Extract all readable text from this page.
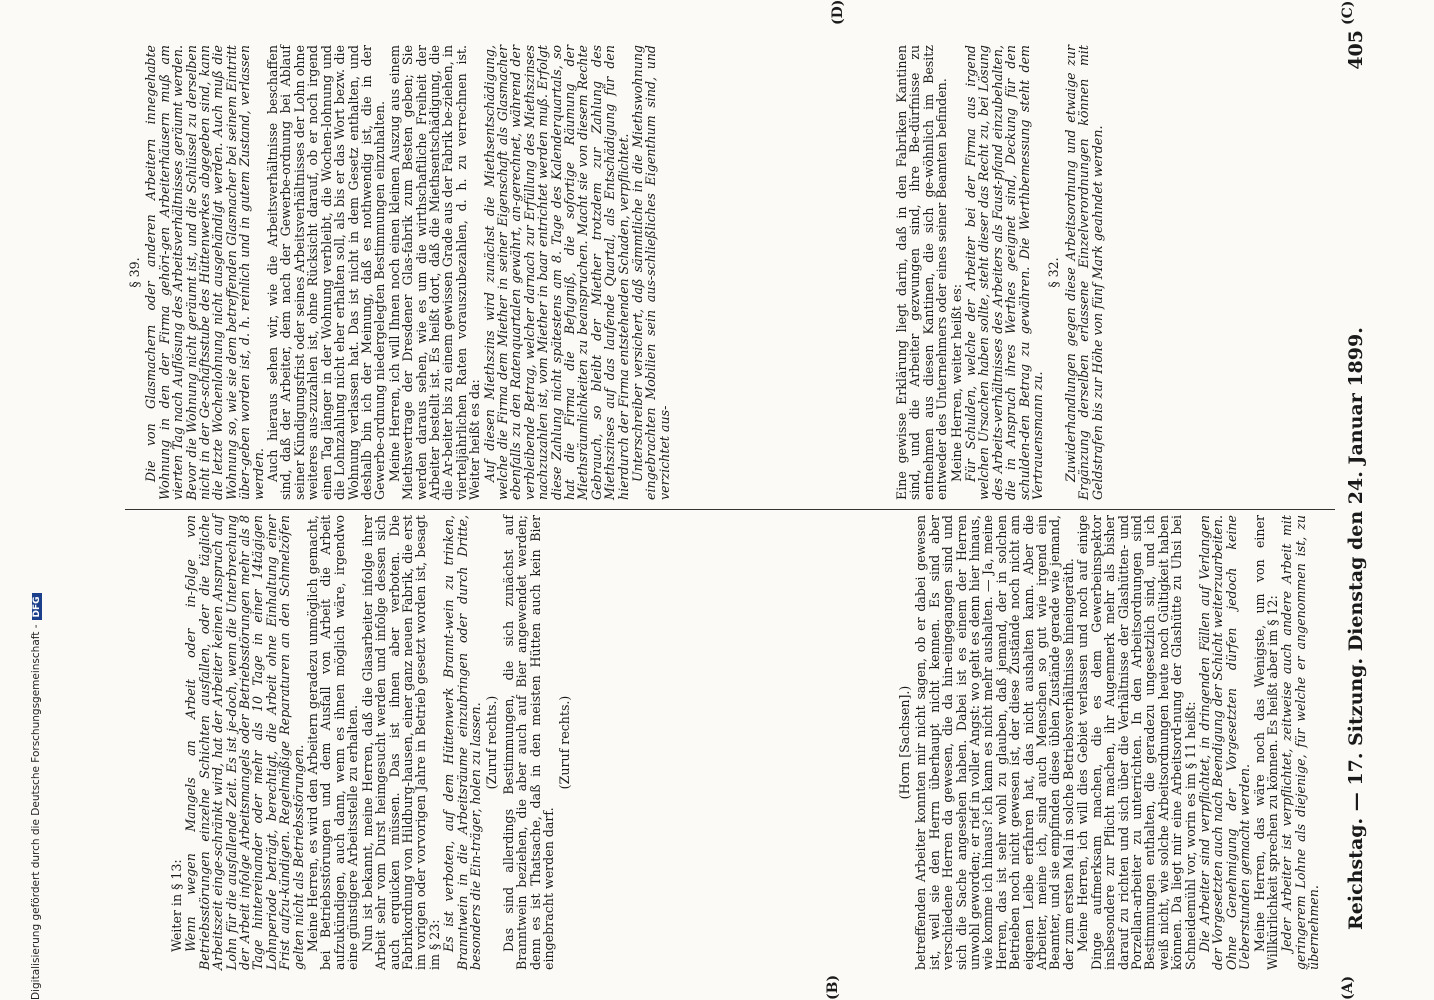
Reichstag. — 17. Sitzung. Dienstag den 24. Januar 1899.
405
(A)
(B)
(C)
(D)

(Horn [Sachsen].) betreffenden Arbeiter konnten mir nicht sagen, ob er dabei gewesen ist, weil sie den Herrn überhaupt nicht kennen. Es sind aber verschiedene Herren da gewesen, die da hin-eingegangen sind und sich die Sache angesehen haben. Dabei ist es einem der Herren unwohl geworden; er rief in voller Angst: wo geht es denn hier hinaus, wie komme ich hinaus? ich kann es nicht mehr aushalten. — Ja, meine Herren, das ist sehr wohl zu glauben, daß jemand, der in solchen Betrieben noch nicht gewesen ist, der diese Zustände noch nicht am eigenen Leibe erfahren hat, das nicht aushalten kann. Aber die Arbeiter, meine ich, sind auch Menschen so gut wie irgend ein Beamter, und sie empfinden diese üblen Zustände gerade wie jemand, der zum ersten Mal in solche Betriebsverhältnisse hineingeräth. Meine Herren, ich will dies Gebiet verlassen und noch auf einige Dinge aufmerksam machen, die es dem Gewerbeinspektor insbesondere zur Pflicht machen, ihr Augenmerk mehr als bisher darauf zu richten und sich über die Verhältnisse der Glashütten- und Porzellan-arbeiter zu unterrichten. In den Arbeitsordnungen sind Bestimmungen enthalten, die geradezu ungesetzlich sind, und ich weiß nicht, wie solche Arbeitsordnungen heute noch Gültigkeit haben können. Da liegt mir eine Arbeitsord-nung der Glashütte zu Uhsi bei Schneidemühl vor, worin es im § 11 heißt: Die Arbeiter sind verpflichtet, in dringenden Fällen auf Verlangen der Vorgesetzten auch nach Beendigung der Schicht weiterzuarbeiten. Ohne Genehmigung der Vorgesetzten dürfen jedoch keine Ueberstunden gemacht werden. Meine Herren, das wäre noch das Wenigste, um von einer Willkürlichkeit sprechen zu können. Es heißt aber im § 12: Jeder Arbeiter ist verpflichtet, zeitweise auch andere Arbeit mit geringerem Lohne als diejenige, für welche er angenommen ist, zu übernehmen.

Weiter in § 13: Wenn wegen Mangels an Arbeit oder in-folge von Betriebsstörungen einzelne Schichten ausfallen, oder die tägliche Arbeitszeit einge-schränkt wird, hat der Arbeiter keinen Anspruch auf Lohn für die ausfallende Zeit. Es ist je-doch, wenn die Unterbrechung der Arbeit infolge Arbeitsmangels oder Betriebsstörungen mehr als 8 Tage hintereinander oder mehr als 10 Tage in einer 14tägigen Lohnperiode beträgt, berechtigt, die Arbeit ohne Einhaltung einer Frist aufzu-kündigen. Regelmäßige Reparaturen an den Schmelzöfen gelten nicht als Betriebsstörungen. Meine Herren, es wird den Arbeitern geradezu unmöglich gemacht, bei Betriebsstörungen und dem Ausfall von Arbeit die Arbeit aufzukündigen, auch dann, wenn es ihnen möglich wäre, irgendwo eine günstigere Arbeitsstelle zu erhalten. Nun ist bekannt, meine Herren, daß die Glasarbeiter infolge ihrer Arbeit sehr vom Durst heimgesucht werden und infolge dessen sich auch erquicken müssen. Das ist ihnen aber verboten. Die Fabrikordnung von Hildburg-hausen, einer ganz neuen Fabrik, die erst im vorigen oder vorvorigen Jahre in Betrieb gesetzt worden ist, besagt im § 23: Es ist verboten, auf dem Hüttenwerk Brannt-wein zu trinken, Branntwein in die Arbeitsräume einzubringen oder durch Dritte, besonders die Ein-träger, holen zu lassen. (Zuruf rechts.) Das sind allerdings Bestimmungen, die sich zunächst auf Branntwein beziehen, die aber auch auf Bier angewendet werden; denn es ist Thatsache, daß in den meisten Hütten auch kein Bier eingebracht werden darf.

(Zuruf rechts.)

Eine gewisse Erklärung liegt darin, daß in den Fabriken Kantinen sind, und die Arbeiter gezwungen sind, ihre Be-dürfnisse zu entnehmen aus diesen Kantinen, die sich ge-wöhnlich im Besitz entweder des Unternehmers oder eines seiner Beamten befinden. Meine Herren, weiter heißt es: Für Schulden, welche der Arbeiter bei der Firma aus irgend welchen Ursachen haben sollte, steht dieser das Recht zu, bei Lösung des Arbeits-verhältnisses des Arbeiters als Faust-pfand einzubehalten, die in Anspruch ihres Werthes geeignet sind, Deckung für den schulden-den Betrag zu gewähren. Die Werthbemessung steht dem Vertrauensmann zu.

§ 32. Zuwiderhandlungen gegen diese Arbeitsordnung und etwaige zur Ergänzung derselben erlassene Einzelverordnungen können mit Geldstrafen bis zur Höhe von fünf Mark geahndet werden.

§ 39. Die von Glasmachern oder anderen Arbeitern innegehabte Wohnung in den der Firma gehöri-gen Arbeiterhäusern muß am vierten Tag nach Auflösung des Arbeitsverhältnisses geräumt werden. Bevor die Wohnung nicht geräumt ist, und die Schlüssel zu derselben nicht in der Ge-schäftsstube des Hüttenwerkes abgegeben sind, kann die letzte Wochenlohnung nicht ausgehändigt werden. Auch muß die Wohnung so, wie sie dem betreffenden Glasmacher bei seinem Eintritt über-geben worden ist, d. h. reinlich und in gutem Zustand, verlassen werden. Auch hieraus sehen wir, wie die Arbeitsverhältnisse beschaffen sind, daß der Arbeiter, dem nach der Gewerbe-ordnung bei Ablauf seiner Kündigungsfrist oder seines Arbeitsverhältnisses der Lohn ohne weiteres aus-zuzahlen ist, ohne Rücksicht darauf, ob er noch irgend einen Tag länger in der Wohnung verbleibt, die Wochen-lohnung und die Lohnzahlung nicht eher erhalten soll, als bis er das Wort bezw. die Wohnung verlassen hat. Das ist nicht in dem Gesetz enthalten, und deshalb bin ich der Meinung, daß es nothwendig ist, die in der Gewerbe-ordnung niedergelegten Bestimmungen einzuhalten. Meine Herren, ich will Ihnen noch einen kleinen Auszug aus einem Miethsvertrage der Dresdener Glas-fabrik zum Besten geben; Sie werden daraus sehen, wie es um die wirthschaftliche Freiheit der Arbeiter bestellt ist. Es heißt dort, daß die Miethsentschädigung, die die Ar-beiter bis zu einem gewissen Grade aus der Fabrik be-ziehen, in vierteljährlichen Raten vorauszubezahlen, d. h. zu verrechnen ist. Weiter heißt es da: Auf diesen Miethszins wird zunächst die Miethsentschädigung, welche die Firma dem Miether in seiner Eigenschaft als Glasmacher ebenfalls zu den Ratenquartalen gewährt, an-gerechnet, während der verbleibende Betrag, welcher darnach zur Erfüllung des Miethszinses nachzuzahlen ist, vom Miether in baar entrichtet werden muß. Erfolgt diese Zahlung nicht spätestens am 8. Tage des Kalenderquartals, so hat die Firma die Befugniß, die sofortige Räumung der Miethsräumlichkeiten zu beanspruchen. Macht sie von diesem Rechte Gebrauch, so bleibt der Miether trotzdem zur Zahlung des Miethszinses auf das laufende Quartal, als Entschädigung für den hierdurch der Firma entstehenden Schaden, verpflichtet. Unterschreiber versichert, daß sämmtliche in die Miethswohnung eingebrachten Mobilien sein aus-schließliches Eigenthum sind, und verzichtet aus-

Digitalisierung gefördert durch die Deutsche Forschungsgemeinschaft -DFG
